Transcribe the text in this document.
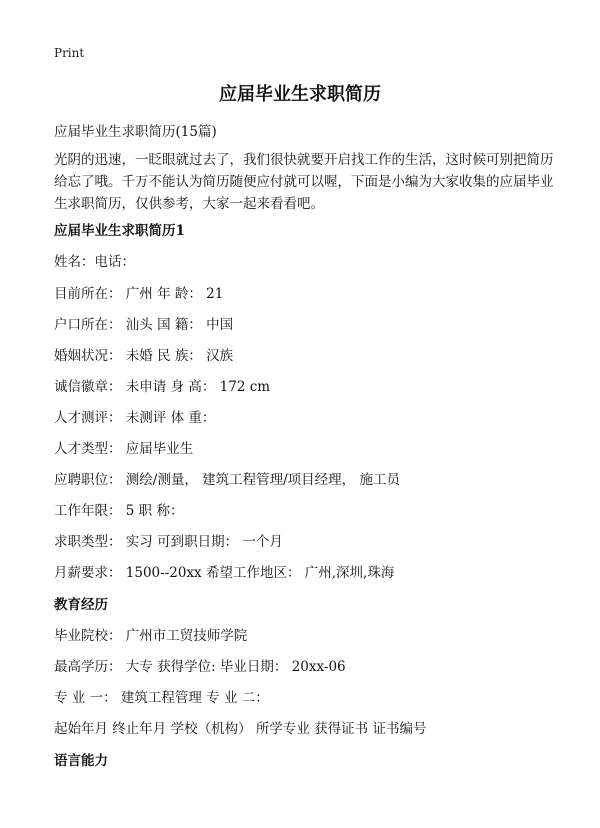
Print
应届毕业生求职简历
应届毕业生求职简历(15篇)

光阴的迅速，一眨眼就过去了，我们很快就要开启找工作的生活，这时候可别把简历给忘了哦。千万不能认为简历随便应付就可以喔，下面是小编为大家收集的应届毕业生求职简历，仅供参考，大家一起来看看吧。

应届毕业生求职简历1
姓名：电话：
目前所在： 广州 年 龄： 21
户口所在： 汕头 国 籍： 中国
婚姻状况： 未婚 民 族： 汉族
诚信徽章： 未申请 身 高： 172 cm
人才测评： 未测评 体 重：
人才类型： 应届毕业生
应聘职位： 测绘/测量， 建筑工程管理/项目经理， 施工员
工作年限： 5 职 称：
求职类型： 实习 可到职日期： 一个月
月薪要求： 1500--20xx 希望工作地区： 广州,深圳,珠海
教育经历
毕业院校： 广州市工贸技师学院
最高学历： 大专 获得学位: 毕业日期： 20xx-06
专 业 一： 建筑工程管理 专 业 二：
起始年月 终止年月 学校（机构） 所学专业 获得证书 证书编号
语言能力
